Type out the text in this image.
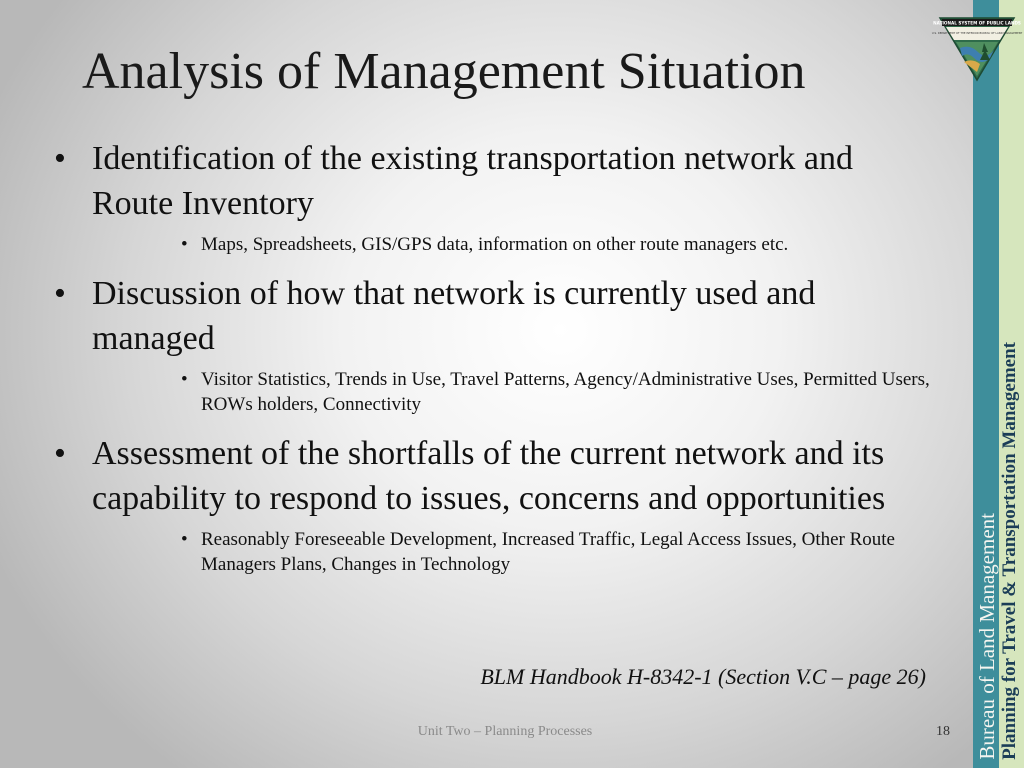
Analysis of Management Situation
• Identification of the existing transportation network and Route Inventory
• Maps, Spreadsheets, GIS/GPS data, information on other route managers etc.
• Discussion of how that network is currently used and managed
• Visitor Statistics, Trends in Use, Travel Patterns, Agency/Administrative Uses, Permitted Users, ROWs holders, Connectivity
• Assessment of the shortfalls of the current network and its capability to respond to issues, concerns and opportunities
• Reasonably Foreseeable Development, Increased Traffic, Legal Access Issues, Other Route Managers Plans, Changes in Technology
BLM Handbook H-8342-1 (Section V.C – page 26)
Unit Two – Planning Processes	18 Bureau of Land Management Planning for Travel & Transportation Management
NATIONAL SYSTEM OF PUBLIC LANDS
U.S. DEPARTMENT OF THE INTERIOR BUREAU OF LAND MANAGEMENT
